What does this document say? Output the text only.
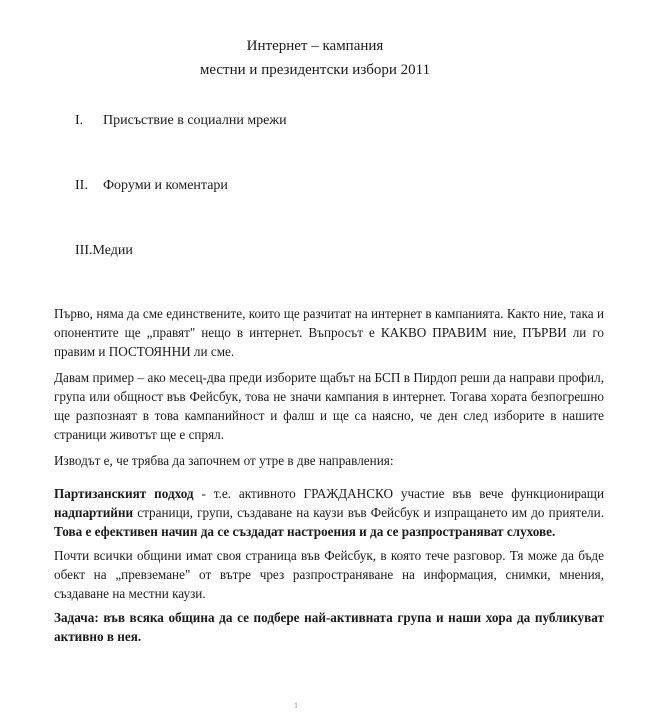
Интернет – кампания
местни и президентски избори 2011
I. Присъствие в социални мрежи
II. Форуми и коментари
III.Медии

Първо, няма да сме единствените, които ще разчитат на интернет в кампанията. Както ние, така и опонентите ще „правят" нещо в интернет. Въпросът е КАКВО ПРАВИМ ние, ПЪРВИ ли го правим и ПОСТОЯННИ ли сме.

Давам пример – ако месец-два преди изборите щабът на БСП в Пирдоп реши да направи профил, група или общност във Фейсбук, това не значи кампания в интернет. Тогава хората безпогрешно ще разпознаят в това кампанийност и фалш и ще са наясно, че ден след изборите в нашите страници животът ще е спрял.

Изводът е, че трябва да започнем от утре в две направления:

Партизанският подход - т.е. активното ГРАЖДАНСКО участие във вече функциониращи надпартийни страници, групи, създаване на каузи във Фейсбук и изпращането им до приятели. Това е ефективен начин да се създадат настроения и да се разпространяват слухове.

Почти всички общини имат своя страница във Фейсбук, в която тече разговор. Тя може да бъде обект на „превземане" от вътре чрез разпространяване на информация, снимки, мнения, създаване на местни каузи.

Задача: във всяка община да се подбере най-активната група и наши хора да публикуват активно в нея.

1
